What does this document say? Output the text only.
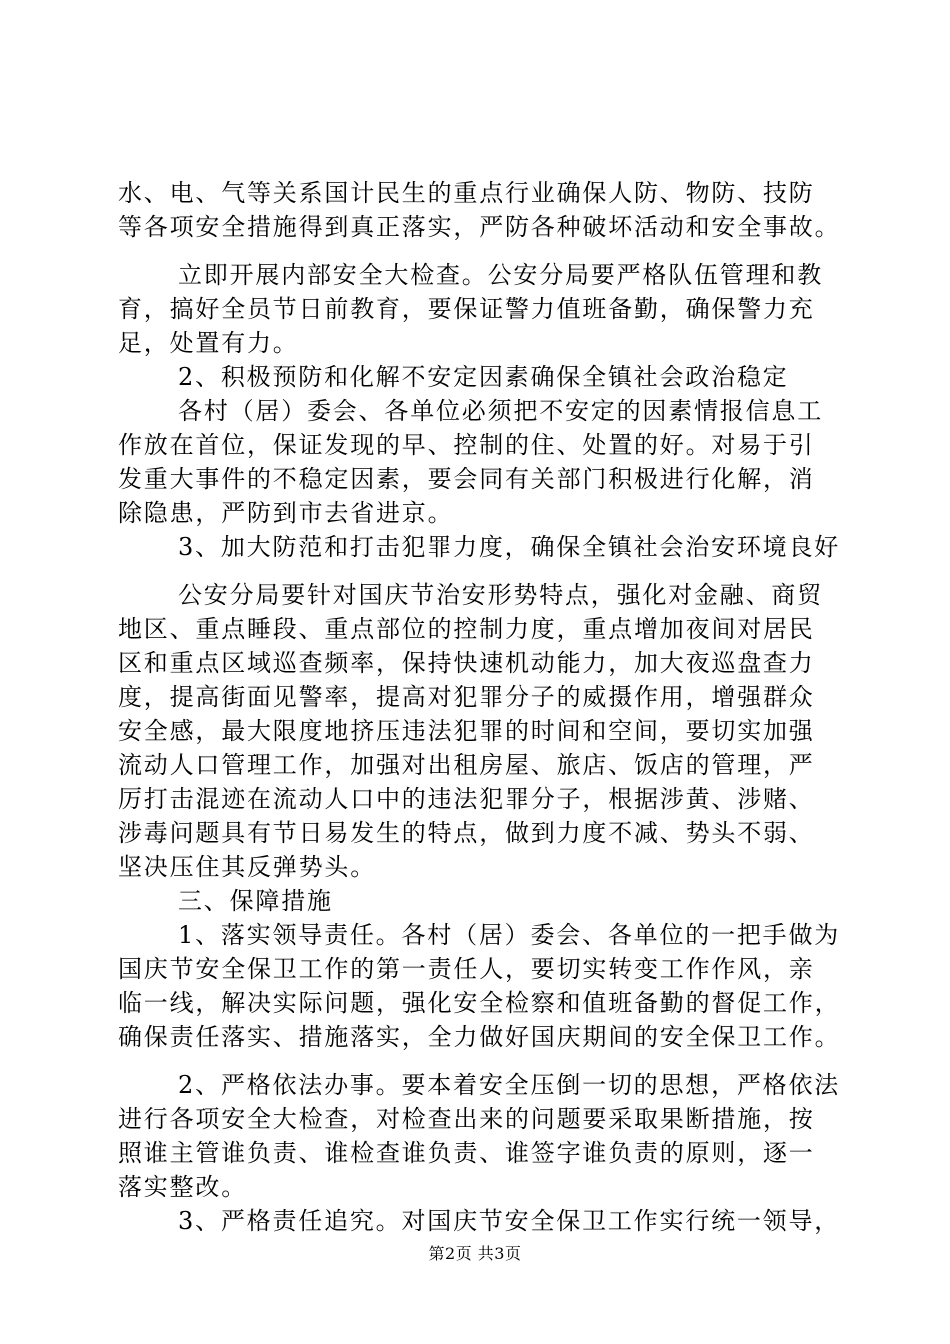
水、电、气等关系国计民生的重点行业确保人防、物防、技防
等各项安全措施得到真正落实，严防各种破坏活动和安全事故。
立即开展内部安全大检查。公安分局要严格队伍管理和教
育，搞好全员节日前教育，要保证警力值班备勤，确保警力充
足，处置有力。
2、积极预防和化解不安定因素确保全镇社会政治稳定
各村（居）委会、各单位必须把不安定的因素情报信息工
作放在首位，保证发现的早、控制的住、处置的好。对易于引
发重大事件的不稳定因素，要会同有关部门积极进行化解，消
除隐患，严防到市去省进京。
3、加大防范和打击犯罪力度，确保全镇社会治安环境良好
公安分局要针对国庆节治安形势特点，强化对金融、商贸
地区、重点睡段、重点部位的控制力度，重点增加夜间对居民
区和重点区域巡查频率，保持快速机动能力，加大夜巡盘查力
度，提高街面见警率，提高对犯罪分子的威摄作用，增强群众
安全感，最大限度地挤压违法犯罪的时间和空间，要切实加强
流动人口管理工作，加强对出租房屋、旅店、饭店的管理，严
厉打击混迹在流动人口中的违法犯罪分子，根据涉黄、涉赌、
涉毒问题具有节日易发生的特点，做到力度不减、势头不弱、
坚决压住其反弹势头。
三、保障措施
1、落实领导责任。各村（居）委会、各单位的一把手做为
国庆节安全保卫工作的第一责任人，要切实转变工作作风，亲
临一线，解决实际问题，强化安全检察和值班备勤的督促工作，
确保责任落实、措施落实，全力做好国庆期间的安全保卫工作。
2、严格依法办事。要本着安全压倒一切的思想，严格依法
进行各项安全大检查，对检查出来的问题要采取果断措施，按
照谁主管谁负责、谁检查谁负责、谁签字谁负责的原则，逐一
落实整改。
3、严格责任追究。对国庆节安全保卫工作实行统一领导，
第2页 共3页
